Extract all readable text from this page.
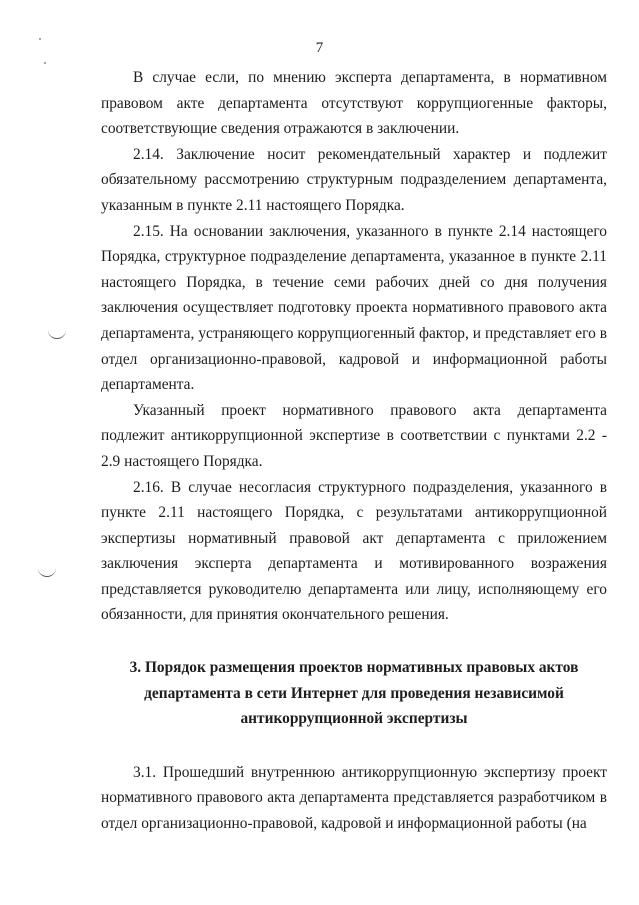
7

В случае если, по мнению эксперта департамента, в нормативном правовом акте департамента отсутствуют коррупциогенные факторы, соответствующие сведения отражаются в заключении.

2.14. Заключение носит рекомендательный характер и подлежит обязательному рассмотрению структурным подразделением департамента, указанным в пункте 2.11 настоящего Порядка.

2.15. На основании заключения, указанного в пункте 2.14 настоящего Порядка, структурное подразделение департамента, указанное в пункте 2.11 настоящего Порядка, в течение семи рабочих дней со дня получения заключения осуществляет подготовку проекта нормативного правового акта департамента, устраняющего коррупциогенный фактор, и представляет его в отдел организационно-правовой, кадровой и информационной работы департамента.

Указанный проект нормативного правового акта департамента подлежит антикоррупционной экспертизе в соответствии с пунктами 2.2 - 2.9 настоящего Порядка.

2.16. В случае несогласия структурного подразделения, указанного в пункте 2.11 настоящего Порядка, с результатами антикоррупционной экспертизы нормативный правовой акт департамента с приложением заключения эксперта департамента и мотивированного возражения представляется руководителю департамента или лицу, исполняющему его обязанности, для принятия окончательного решения.

3. Порядок размещения проектов нормативных правовых актов
департамента в сети Интернет для проведения независимой
антикоррупционной экспертизы

3.1. Прошедший внутреннюю антикоррупционную экспертизу проект нормативного правового акта департамента представляется разработчиком в отдел организационно-правовой, кадровой и информационной работы (на
